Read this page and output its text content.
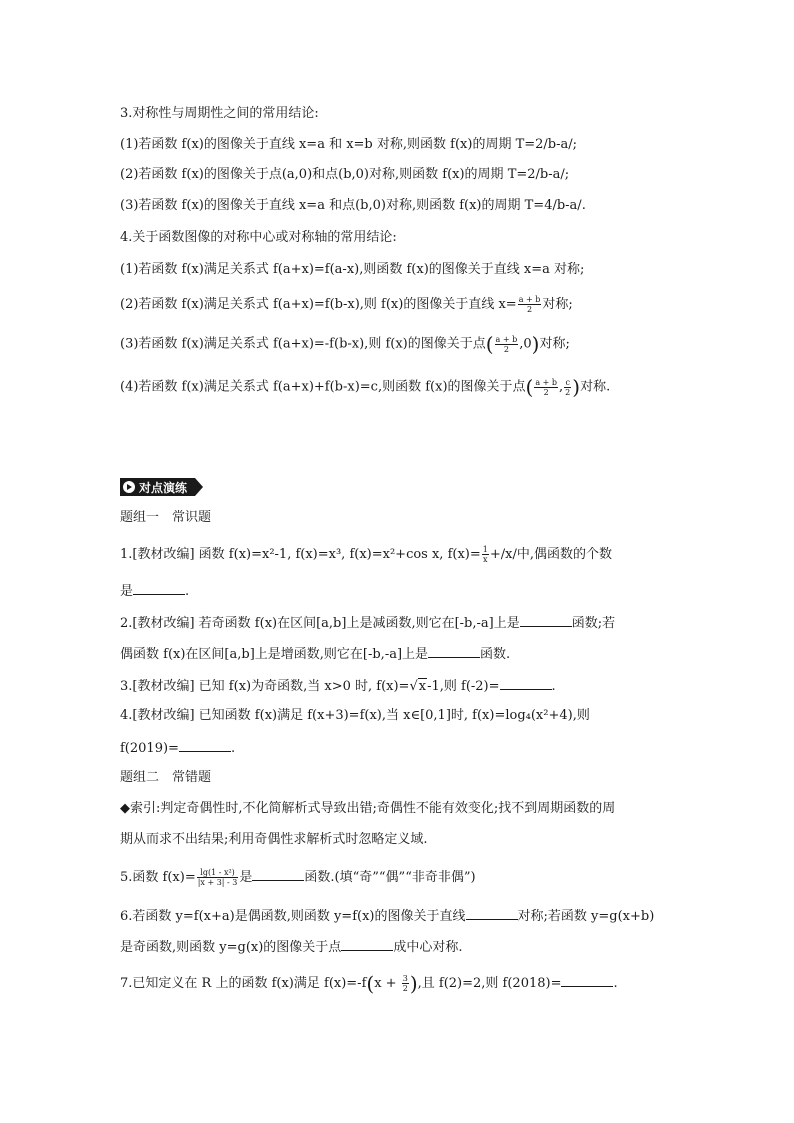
3.对称性与周期性之间的常用结论:
(1)若函数 f(x)的图像关于直线 x=a 和 x=b 对称,则函数 f(x)的周期 T=2/b-a/;
(2)若函数 f(x)的图像关于点(a,0)和点(b,0)对称,则函数 f(x)的周期 T=2/b-a/;
(3)若函数 f(x)的图像关于直线 x=a 和点(b,0)对称,则函数 f(x)的周期 T=4/b-a/.
4.关于函数图像的对称中心或对称轴的常用结论:
(1)若函数 f(x)满足关系式 f(a+x)=f(a-x),则函数 f(x)的图像关于直线 x=a 对称;
(2)若函数 f(x)满足关系式 f(a+x)=f(b-x),则 f(x)的图像关于直线 $x= \frac{a + b}{2}$ 对称;
(3)若函数 f(x)满足关系式 f(a+x)=-f(b-x),则 f(x)的图像关于点( $\frac{a + b}{2} ,0$)对称;
(4)若函数 f(x)满足关系式 f(a+x)+f(b-x)=c,则函数 f(x)的图像关于点( $\frac{a + b}{2}$ , $\frac{c}{2}$ )对称.
对点演练
题组一　常识题
1.[教材改编] 函数 f(x)=x²-1, f(x)=x³, f(x)=x²+cos x, $f(x)= \frac{1}{x} +/x/$中,偶函数的个数
是	.
2.[教材改编] 若奇函数 f(x)在区间[a,b]上是减函数,则它在[-b,-a]上是	函数;若
偶函数 f(x)在区间[a,b]上是增函数,则它在[-b,-a]上是	函数.
3.[教材改编] 已知 f(x)为奇函数,当 x>0 时, f(x)=√x-1,则 f(-2)=	.
4.[教材改编] 已知函数 f(x)满足 f(x+3)=f(x),当 x∈[0,1]时, f(x)=log₄(x²+4),则
f(2019)=	.
题组二　常错题
◆索引:判定奇偶性时,不化简解析式导致出错;奇偶性不能有效变化;找不到周期函数的周
期从而求不出结果;利用奇偶性求解析式时忽略定义域.
5.函数 $f(x)= \frac{\text{lg(1 - x²)}}{|x + 3| - 3}$ 是	函数.(填“奇”“偶”“非奇非偶”)
6.若函数 y=f(x+a)是偶函数,则函数 y=f(x)的图像关于直线	对称;若函数 y=g(x+b)
是奇函数,则函数 y=g(x)的图像关于点	成中心对称.
7.已知定义在 R 上的函数 f(x)满足 $f(x)=-f(x + \frac{3}{2}$ ),且 f(2)=2,则 f(2018)=	.
